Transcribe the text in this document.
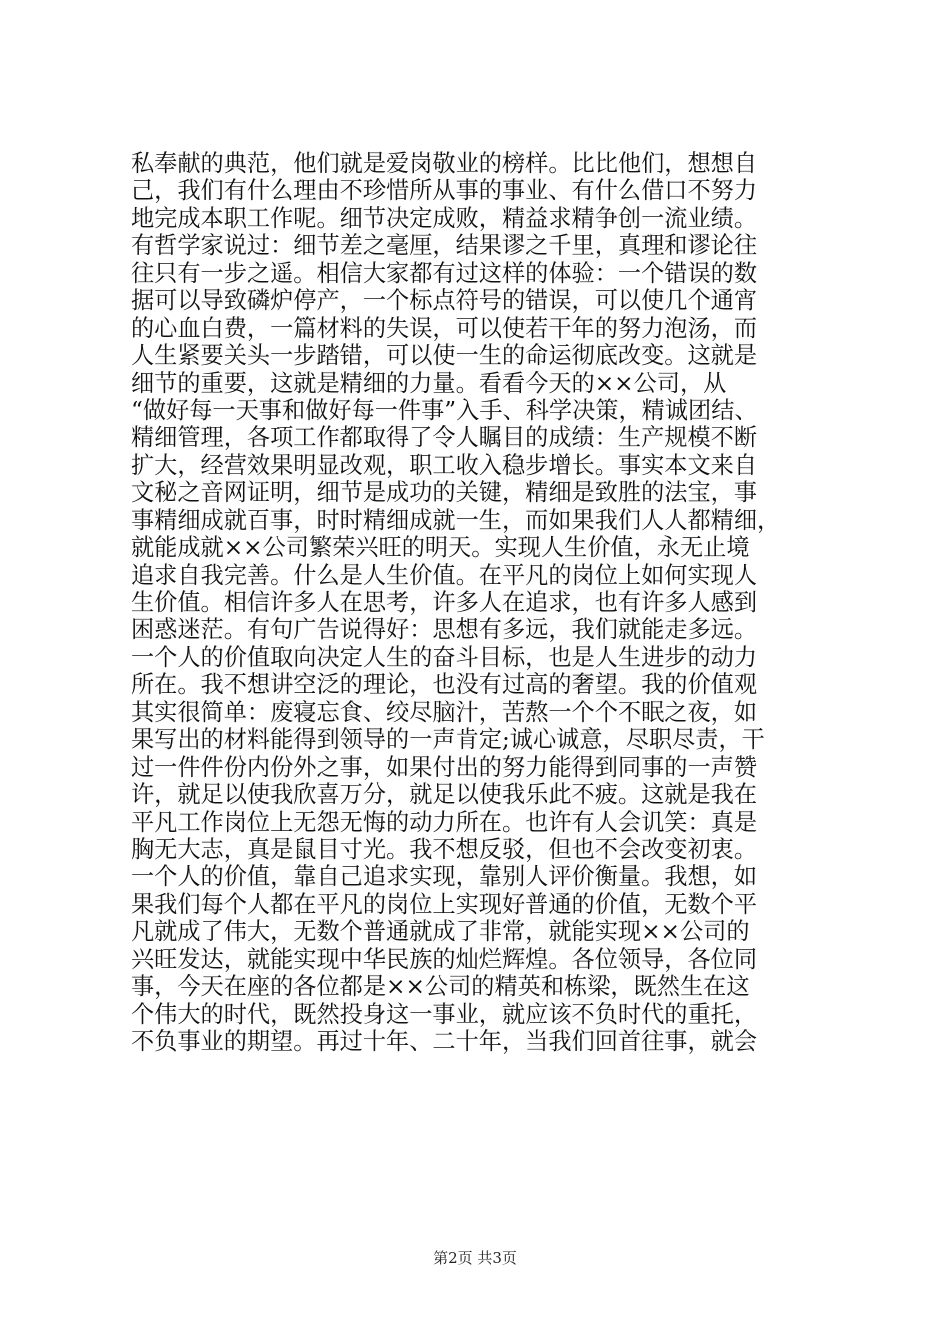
私奉献的典范，他们就是爱岗敬业的榜样。比比他们，想想自
己，我们有什么理由不珍惜所从事的事业、有什么借口不努力
地完成本职工作呢。细节决定成败，精益求精争创一流业绩。
有哲学家说过：细节差之毫厘，结果谬之千里，真理和谬论往
往只有一步之遥。相信大家都有过这样的体验：一个错误的数
据可以导致磷炉停产，一个标点符号的错误，可以使几个通宵
的心血白费，一篇材料的失误，可以使若干年的努力泡汤，而
人生紧要关头一步踏错，可以使一生的命运彻底改变。这就是
细节的重要，这就是精细的力量。看看今天的××公司，从
“做好每一天事和做好每一件事”入手、科学决策，精诚团结、
精细管理，各项工作都取得了令人瞩目的成绩：生产规模不断
扩大，经营效果明显改观，职工收入稳步增长。事实本文来自
文秘之音网证明，细节是成功的关键，精细是致胜的法宝，事
事精细成就百事，时时精细成就一生，而如果我们人人都精细，
就能成就××公司繁荣兴旺的明天。实现人生价值，永无止境
追求自我完善。什么是人生价值。在平凡的岗位上如何实现人
生价值。相信许多人在思考，许多人在追求，也有许多人感到
困惑迷茫。有句广告说得好：思想有多远，我们就能走多远。
一个人的价值取向决定人生的奋斗目标，也是人生进步的动力
所在。我不想讲空泛的理论，也没有过高的奢望。我的价值观
其实很简单：废寝忘食、绞尽脑汁，苦熬一个个不眠之夜，如
果写出的材料能得到领导的一声肯定;诚心诚意，尽职尽责，干
过一件件份内份外之事，如果付出的努力能得到同事的一声赞
许，就足以使我欣喜万分，就足以使我乐此不疲。这就是我在
平凡工作岗位上无怨无悔的动力所在。也许有人会讥笑：真是
胸无大志，真是鼠目寸光。我不想反驳，但也不会改变初衷。
一个人的价值，靠自己追求实现，靠别人评价衡量。我想，如
果我们每个人都在平凡的岗位上实现好普通的价值，无数个平
凡就成了伟大，无数个普通就成了非常，就能实现××公司的
兴旺发达，就能实现中华民族的灿烂辉煌。各位领导，各位同
事，今天在座的各位都是××公司的精英和栋梁，既然生在这
个伟大的时代，既然投身这一事业，就应该不负时代的重托，
不负事业的期望。再过十年、二十年，当我们回首往事，就会
第2页 共3页
